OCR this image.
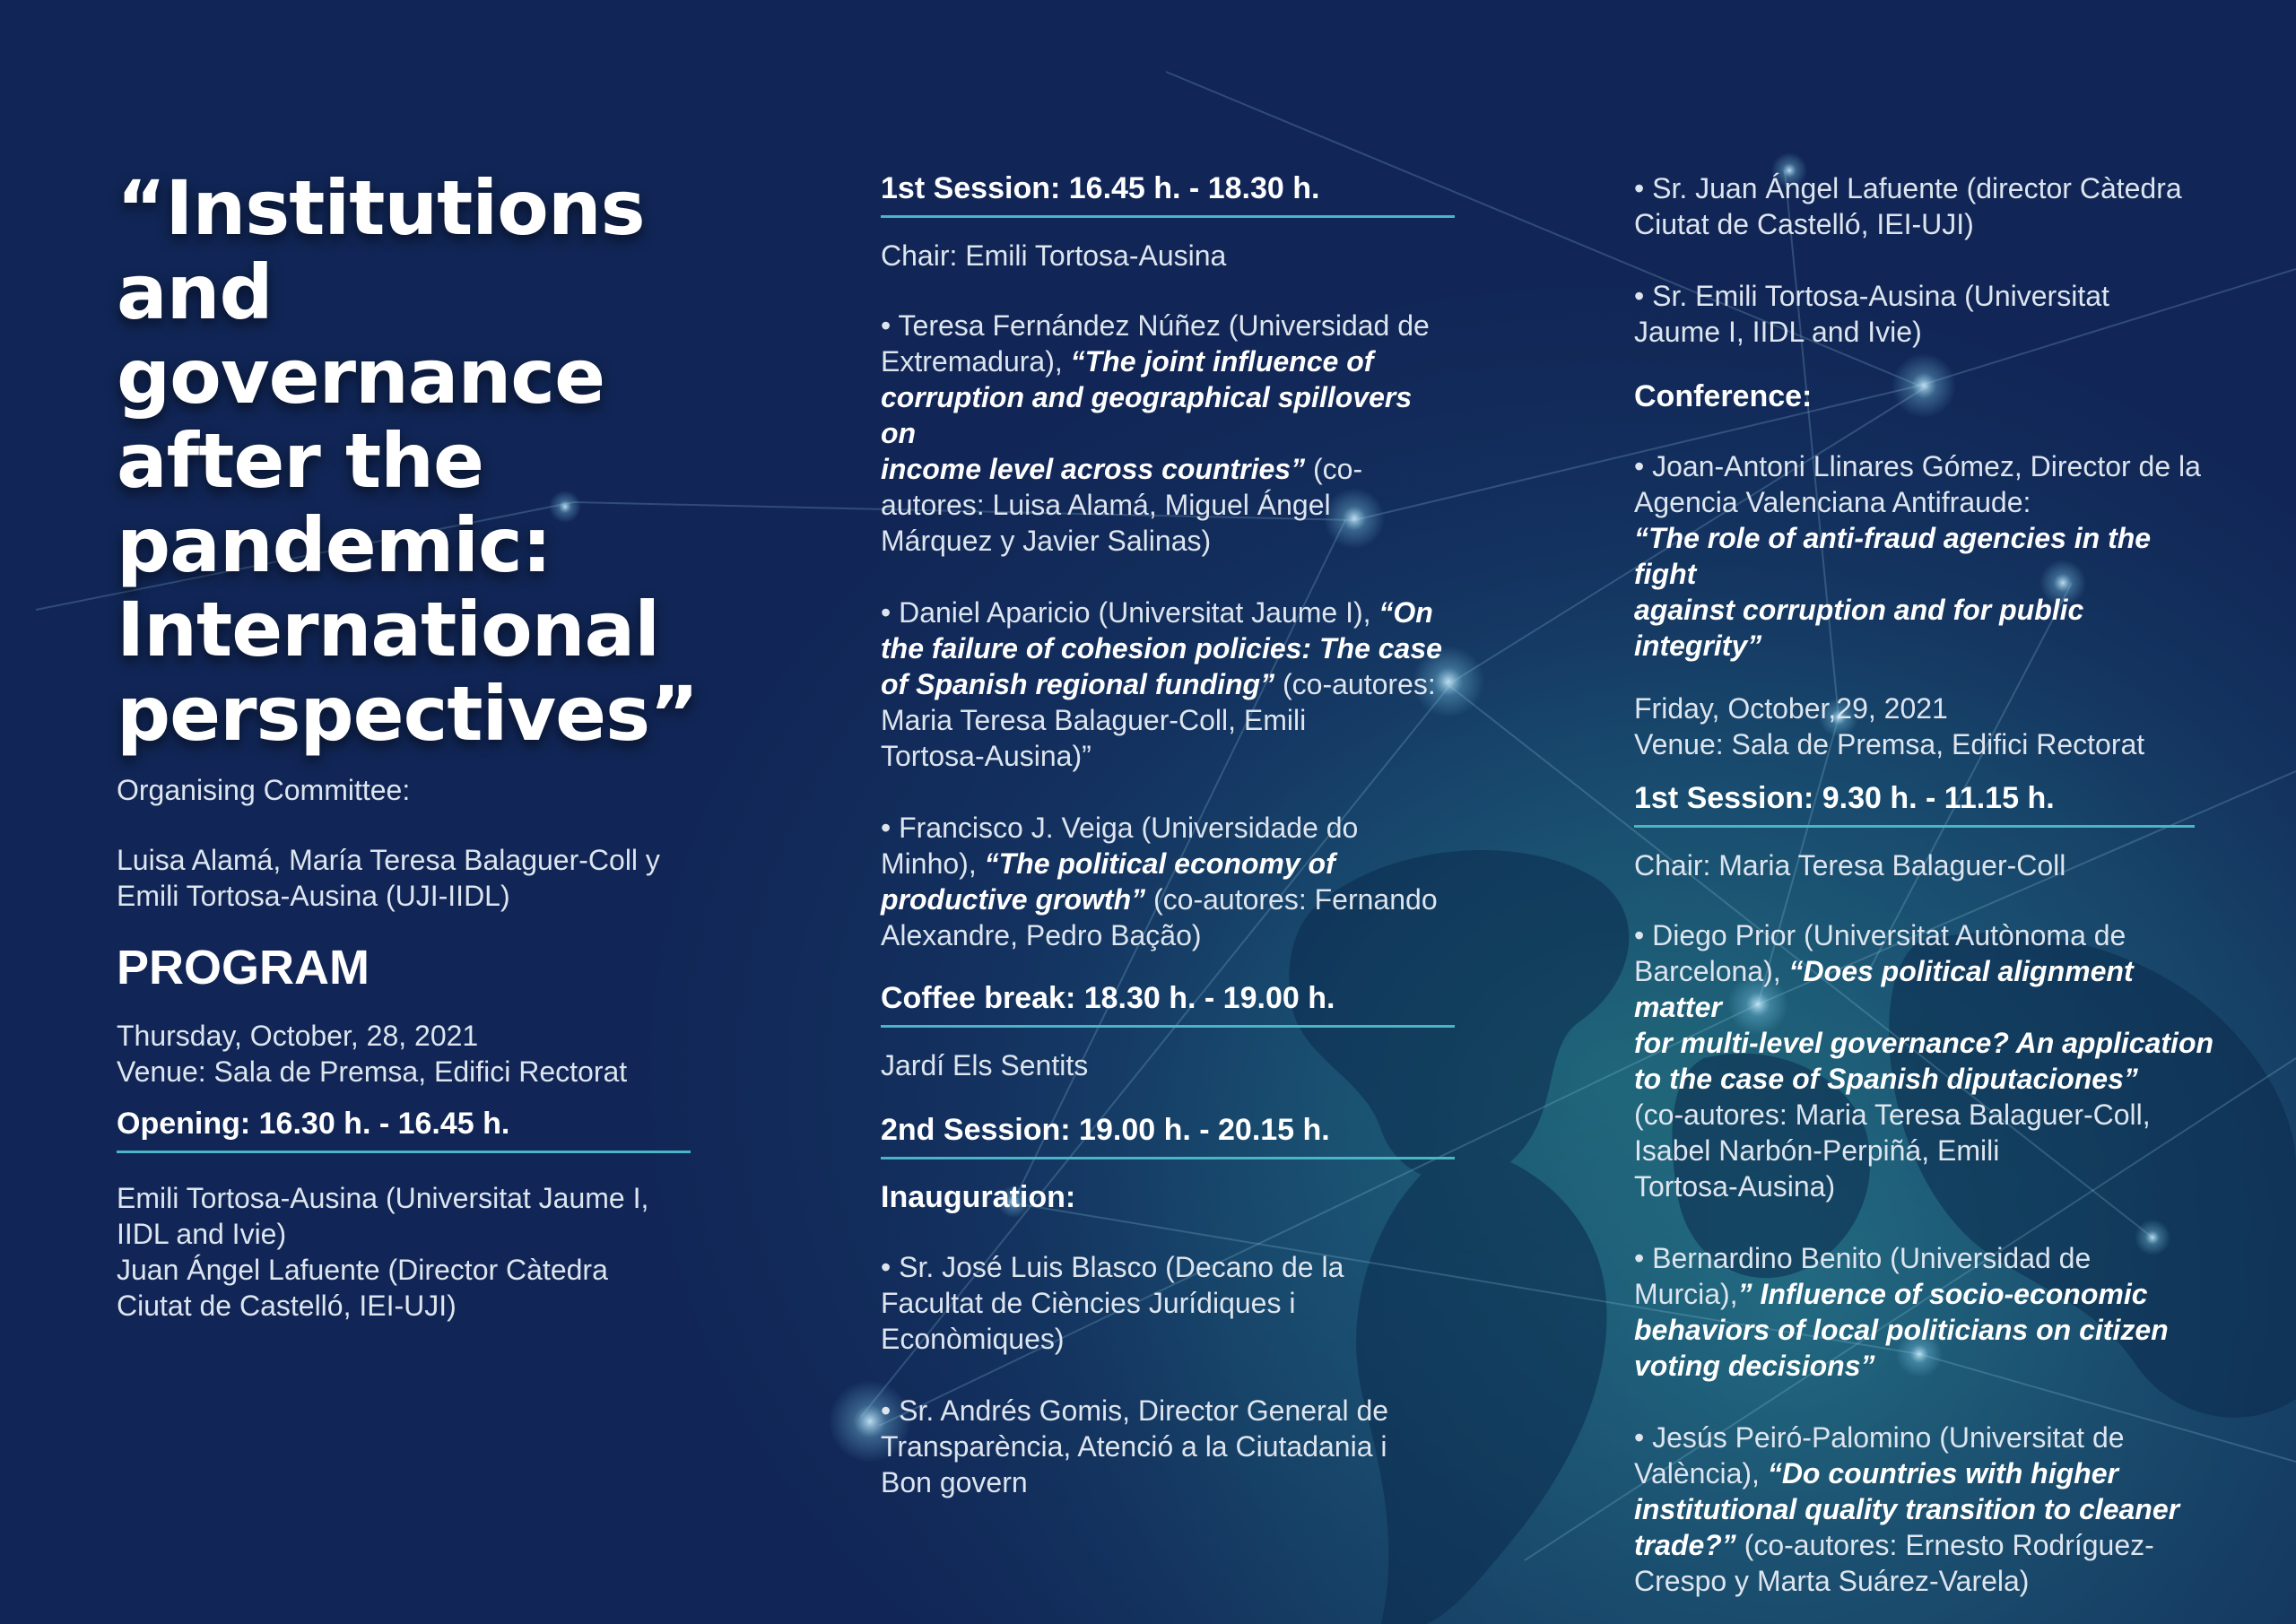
“Institutions
and
governance
after the
pandemic:
International
perspectives”
Organising Committee:
Luisa Alamá, María Teresa Balaguer-Coll y
Emili Tortosa-Ausina (UJI-IIDL)
PROGRAM
Thursday, October, 28, 2021
Venue: Sala de Premsa, Edifici Rectorat
Opening: 16.30 h. - 16.45 h.
Emili Tortosa-Ausina (Universitat Jaume I,
IIDL and Ivie)
Juan Ángel Lafuente (Director Càtedra
Ciutat de Castelló, IEI-UJI)
1st Session: 16.45 h. - 18.30 h.
Chair: Emili Tortosa-Ausina
• Teresa Fernández Núñez (Universidad de
Extremadura), “The joint influence of
corruption and geographical spillovers on
income level across countries” (co-
autores: Luisa Alamá, Miguel Ángel
Márquez y Javier Salinas)
• Daniel Aparicio (Universitat Jaume I), “On
the failure of cohesion policies: The case
of Spanish regional funding” (co-autores:
Maria Teresa Balaguer-Coll, Emili
Tortosa-Ausina)”
• Francisco J. Veiga (Universidade do
Minho), “The political economy of
productive growth” (co-autores: Fernando
Alexandre, Pedro Bação)
Coffee break: 18.30 h. - 19.00 h.
Jardí Els Sentits
2nd Session: 19.00 h. - 20.15 h.
Inauguration:
• Sr. José Luis Blasco (Decano de la
Facultat de Ciències Jurídiques i
Econòmiques)
• Sr. Andrés Gomis, Director General de
Transparència, Atenció a la Ciutadania i
Bon govern
• Sr. Juan Ángel Lafuente (director Càtedra
Ciutat de Castelló, IEI-UJI)
• Sr. Emili Tortosa-Ausina (Universitat
Jaume I, IIDL and Ivie)
Conference:
• Joan-Antoni Llinares Gómez, Director de la
Agencia Valenciana Antifraude:
“The role of anti-fraud agencies in the fight
against corruption and for public integrity”
Friday, October,29, 2021
Venue: Sala de Premsa, Edifici Rectorat
1st Session: 9.30 h. - 11.15 h.
Chair: Maria Teresa Balaguer-Coll
• Diego Prior (Universitat Autònoma de
Barcelona), “Does political alignment matter
for multi-level governance? An application
to the case of Spanish diputaciones”
(co-autores: Maria Teresa Balaguer-Coll,
Isabel Narbón-Perpiñá, Emili
Tortosa-Ausina)
• Bernardino Benito (Universidad de
Murcia),” Influence of socio-economic
behaviors of local politicians on citizen
voting decisions”
• Jesús Peiró-Palomino (Universitat de
València), “Do countries with higher
institutional quality transition to cleaner
trade?” (co-autores: Ernesto Rodríguez-
Crespo y Marta Suárez-Varela)
